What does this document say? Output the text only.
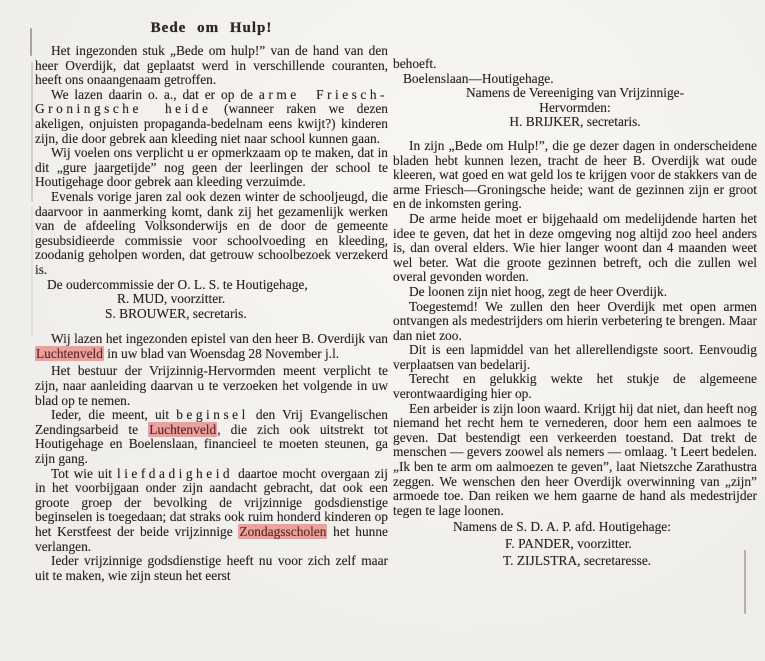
Bede om Hulp!

Het ingezonden stuk „Bede om hulp!” van de hand van den heer Overdijk, dat geplaatst werd in verschillende couranten, heeft ons onaangenaam getroffen.

We lazen daarin o. a., dat er op de arme Friesch-Groningsche heide (wanneer raken we dezen akeligen, onjuisten propaganda-bedelnam eens kwijt?) kinderen zijn, die door gebrek aan kleeding niet naar school kunnen gaan.

Wij voelen ons verplicht u er opmerkzaam op te maken, dat in dit „gure jaargetijde” nog geen der leerlingen der school te Houtigehage door gebrek aan kleeding verzuimde.

Evenals vorige jaren zal ook dezen winter de schooljeugd, die daarvoor in aanmerking komt, dank zij het gezamenlijk werken van de afdeeling Volksonderwijs en de door de gemeente gesubsidieerde commissie voor schoolvoeding en kleeding, zoodanig geholpen worden, dat getrouw schoolbezoek verzekerd is.

De oudercommissie der O. L. S. te Houtigehage,
R. MUD, voorzitter.
S. BROUWER, secretaris.

Wij lazen het ingezonden epistel van den heer B. Overdijk van Luchtenveld in uw blad van Woensdag 28 November j.l.

Het bestuur der Vrijzinnig-Hervormden meent verplicht te zijn, naar aanleiding daarvan u te verzoeken het volgende in uw blad op te nemen.

Ieder, die meent, uit beginsel den Vrij Evangelischen Zendingsarbeid te Luchtenveld, die zich ook uitstrekt tot Houtigehage en Boelenslaan, financieel te moeten steunen, ga zijn gang.

Tot wie uit liefdadigheid daartoe mocht overgaan zij in het voorbijgaan onder zijn aandacht gebracht, dat ook een groote groep der bevolking de vrijzinnige godsdienstige beginselen is toegedaan; dat straks ook ruim honderd kinderen op het Kerstfeest der beide vrijzinnige Zondagsscholen het hunne verlangen.

Ieder vrijzinnige godsdienstige heeft nu voor zich zelf maar uit te maken, wie zijn steun het eerst

behoeft.
Boelenslaan—Houtigehage.
Namens de Vereeniging van Vrijzinnige-
Hervormden:
H. BRIJKER, secretaris.

In zijn „Bede om Hulp!”, die ge dezer dagen in onderscheidene bladen hebt kunnen lezen, tracht de heer B. Overdijk wat oude kleeren, wat goed en wat geld los te krijgen voor de stakkers van de arme Friesch—Groningsche heide; want de gezinnen zijn er groot en de inkomsten gering.

De arme heide moet er bijgehaald om medelijdende harten het idee te geven, dat het in deze omgeving nog altijd zoo heel anders is, dan overal elders. Wie hier langer woont dan 4 maanden weet wel beter. Wat die groote gezinnen betreft, och die zullen wel overal gevonden worden.

De loonen zijn niet hoog, zegt de heer Overdijk.

Toegestemd! We zullen den heer Overdijk met open armen ontvangen als medestrijders om hierin verbetering te brengen. Maar dan niet zoo.

Dit is een lapmiddel van het allerellendigste soort. Eenvoudig verplaatsen van bedelarij.

Terecht en gelukkig wekte het stukje de algemeene verontwaardiging hier op.

Een arbeider is zijn loon waard. Krijgt hij dat niet, dan heeft nog niemand het recht hem te vernederen, door hem een aalmoes te geven. Dat bestendigt een verkeerden toestand. Dat trekt de menschen — gevers zoowel als nemers — omlaag. 't Leert bedelen. „Ik ben te arm om aalmoezen te geven”, laat Nietszche Zarathustra zeggen. We wenschen den heer Overdijk overwinning van „zijn” armoede toe. Dan reiken we hem gaarne de hand als medestrijder tegen te lage loonen.

Namens de S. D. A. P. afd. Houtigehage:
F. PANDER, voorzitter.
T. ZIJLSTRA, secretaresse.
